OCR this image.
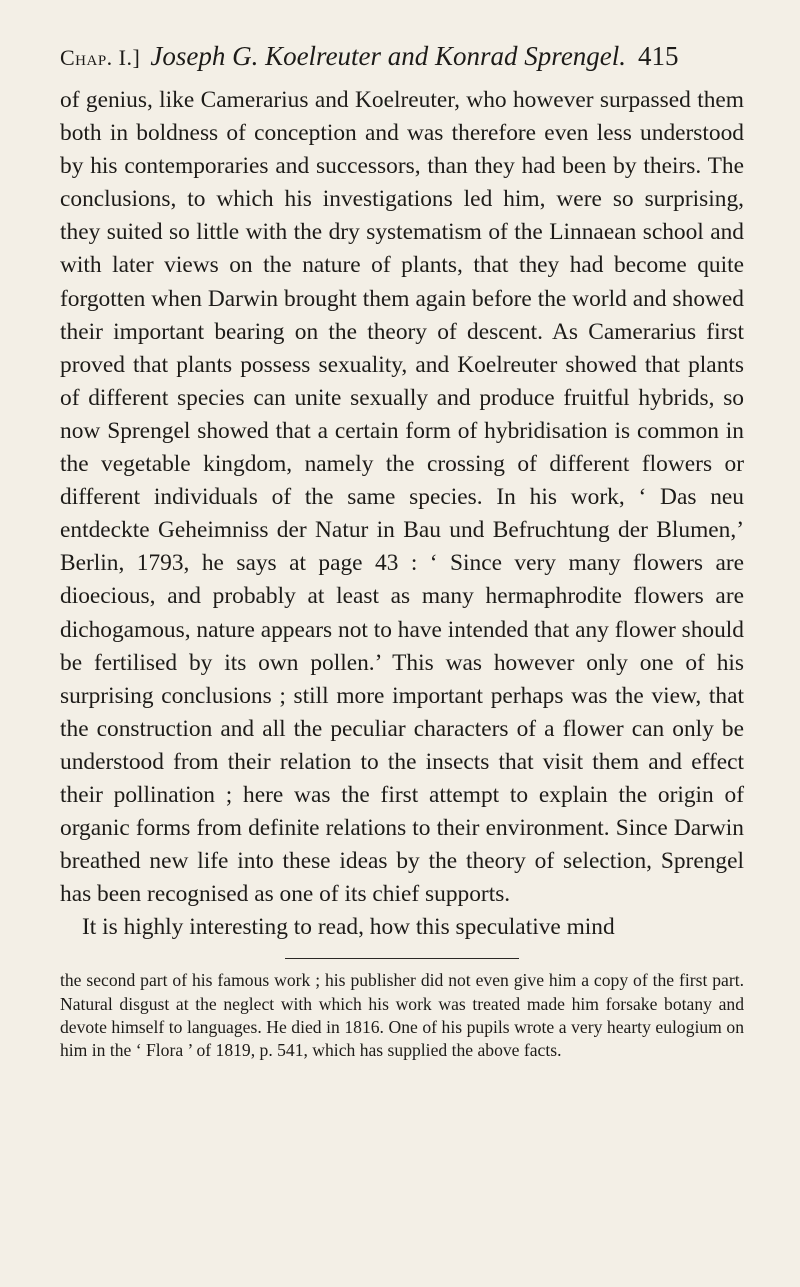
Chap. I.] Joseph G. Koelreuter and Konrad Sprengel. 415

of genius, like Camerarius and Koelreuter, who however surpassed them both in boldness of conception and was therefore even less understood by his contemporaries and successors, than they had been by theirs. The conclusions, to which his investigations led him, were so surprising, they suited so little with the dry systematism of the Linnaean school and with later views on the nature of plants, that they had become quite forgotten when Darwin brought them again before the world and showed their important bearing on the theory of descent. As Camerarius first proved that plants possess sexuality, and Koelreuter showed that plants of different species can unite sexually and produce fruitful hybrids, so now Sprengel showed that a certain form of hybridisation is common in the vegetable kingdom, namely the crossing of different flowers or different individuals of the same species. In his work, ‘ Das neu entdeckte Geheimniss der Natur in Bau und Befruchtung der Blumen,’ Berlin, 1793, he says at page 43 : ‘ Since very many flowers are dioecious, and probably at least as many hermaphrodite flowers are dichogamous, nature appears not to have intended that any flower should be fertilised by its own pollen.’ This was however only one of his surprising conclusions ; still more important perhaps was the view, that the construction and all the peculiar characters of a flower can only be understood from their relation to the insects that visit them and effect their pollination ; here was the first attempt to explain the origin of organic forms from definite relations to their environment. Since Darwin breathed new life into these ideas by the theory of selection, Sprengel has been recognised as one of its chief supports.

It is highly interesting to read, how this speculative mind

the second part of his famous work ; his publisher did not even give him a copy of the first part. Natural disgust at the neglect with which his work was treated made him forsake botany and devote himself to languages. He died in 1816. One of his pupils wrote a very hearty eulogium on him in the ‘ Flora ’ of 1819, p. 541, which has supplied the above facts.
